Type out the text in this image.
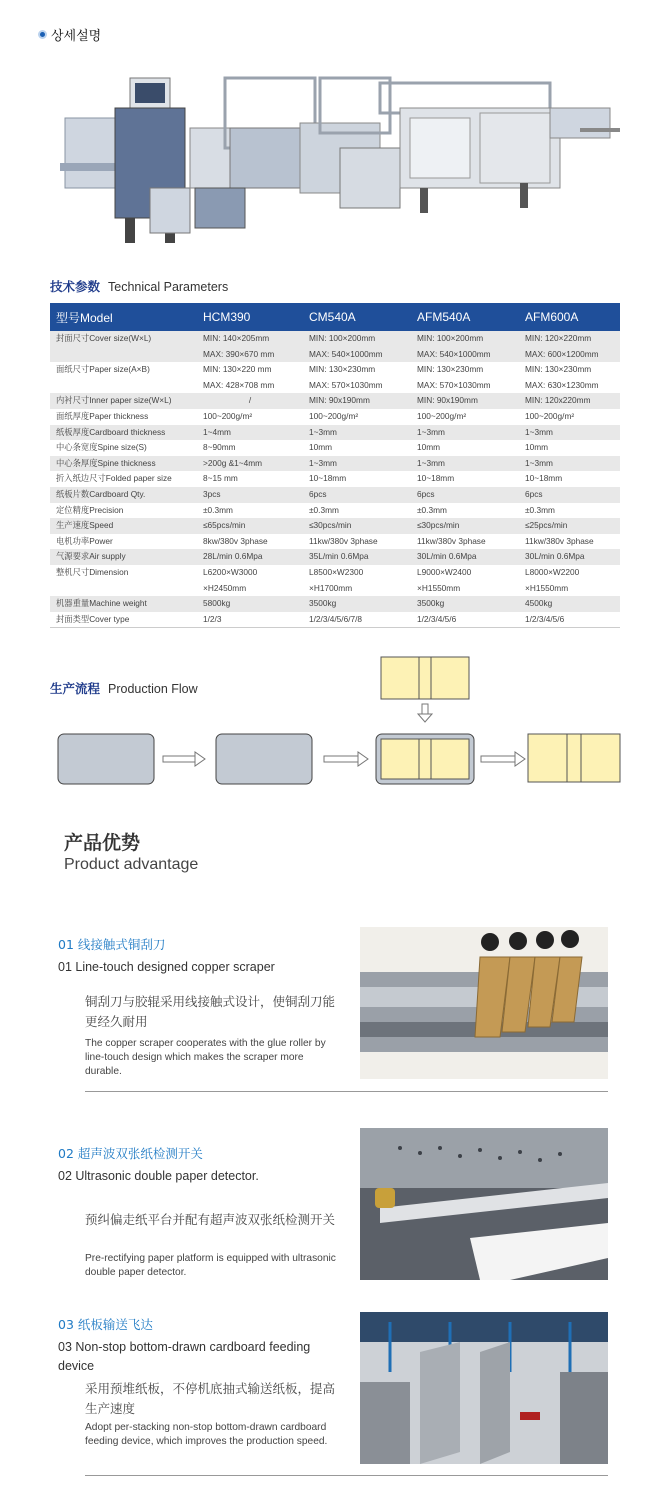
상세설명
技术参数 Technical Parameters
型号Model	HCM390	CM540A	AFM540A	AFM600A
封面尺寸Cover size(W×L)	MIN: 140×205mm	MIN: 100×200mm	MIN: 100×200mm	MIN: 120×220mm
	MAX: 390×670 mm	MAX: 540×1000mm	MAX: 540×1000mm	MAX: 600×1200mm
面纸尺寸Paper size(A×B)	MIN: 130×220 mm	MIN: 130×230mm	MIN: 130×230mm	MIN: 130×230mm
	MAX: 428×708 mm	MAX: 570×1030mm	MAX: 570×1030mm	MAX: 630×1230mm
内衬尺寸Inner paper size(W×L)	/	MIN: 90x190mm	MIN: 90x190mm	MIN: 120x220mm
面纸厚度Paper thickness	100~200g/m²	100~200g/m²	100~200g/m²	100~200g/m²
纸板厚度Cardboard thickness	1~4mm	1~3mm	1~3mm	1~3mm
中心条宽度Spine size(S)	8~90mm	10mm	10mm	10mm
中心条厚度Spine thickness	>200g &1~4mm	1~3mm	1~3mm	1~3mm
折入纸边尺寸Folded paper size	8~15 mm	10~18mm	10~18mm	10~18mm
纸板片数Cardboard Qty.	3pcs	6pcs	6pcs	6pcs
定位精度Precision	±0.3mm	±0.3mm	±0.3mm	±0.3mm
生产速度Speed	≤65pcs/min	≤30pcs/min	≤30pcs/min	≤25pcs/min
电机功率Power	8kw/380v 3phase	11kw/380v 3phase	11kw/380v 3phase	11kw/380v 3phase
气源要求Air supply	28L/min 0.6Mpa	35L/min 0.6Mpa	30L/min 0.6Mpa	30L/min 0.6Mpa
整机尺寸Dimension	L6200×W3000	L8500×W2300	L9000×W2400	L8000×W2200
	×H2450mm	×H1700mm	×H1550mm	×H1550mm
机器重量Machine weight	5800kg	3500kg	3500kg	4500kg
封面类型Cover type	1/2/3	1/2/3/4/5/6/7/8	1/2/3/4/5/6	1/2/3/4/5/6
生产流程 Production Flow
产品优势
Product advantage
01 线接触式铜刮刀
01 Line-touch designed copper scraper
铜刮刀与胶辊采用线接触式设计，使铜刮刀能更经久耐用
The copper scraper cooperates with the glue roller by line-touch design which makes the scraper more durable.
02 超声波双张纸检测开关
02 Ultrasonic double paper detector.
预纠偏走纸平台并配有超声波双张纸检测开关
Pre-rectifying paper platform is equipped with ultrasonic double paper detector.
03 纸板输送飞达
03 Non-stop bottom-drawn cardboard feeding device
采用预堆纸板，不停机底抽式输送纸板，提高生产速度
Adopt per-stacking non-stop bottom-drawn cardboard feeding device, which improves the production speed.
